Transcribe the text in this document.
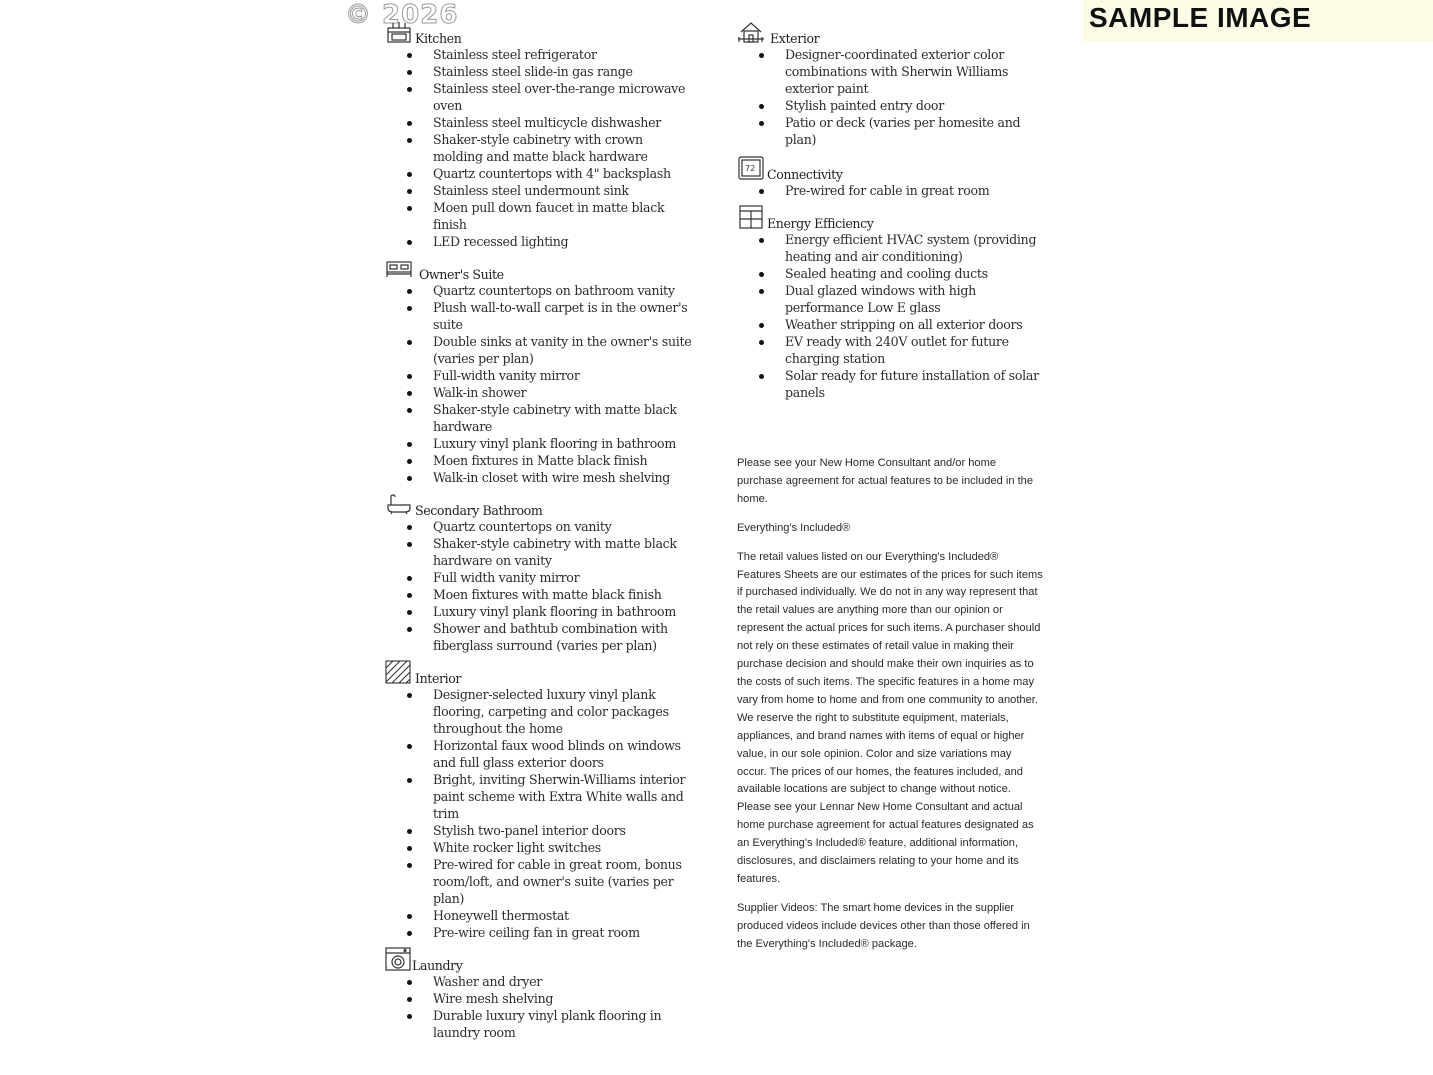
© 2026	SAMPLE IMAGE
Kitchen
Stainless steel refrigerator
Stainless steel slide-in gas range
Stainless steel over-the-range microwave oven
Stainless steel multicycle dishwasher
Shaker-style cabinetry with crown molding and matte black hardware
Quartz countertops with 4" backsplash
Stainless steel undermount sink
Moen pull down faucet in matte black finish
LED recessed lighting
Owner's Suite
Quartz countertops on bathroom vanity
Plush wall-to-wall carpet is in the owner's suite
Double sinks at vanity in the owner's suite (varies per plan)
Full-width vanity mirror
Walk-in shower
Shaker-style cabinetry with matte black hardware
Luxury vinyl plank flooring in bathroom
Moen fixtures in Matte black finish
Walk-in closet with wire mesh shelving
Secondary Bathroom
Quartz countertops on vanity
Shaker-style cabinetry with matte black hardware on vanity
Full width vanity mirror
Moen fixtures with matte black finish
Luxury vinyl plank flooring in bathroom
Shower and bathtub combination with fiberglass surround (varies per plan)
Interior
Designer-selected luxury vinyl plank flooring, carpeting and color packages throughout the home
Horizontal faux wood blinds on windows and full glass exterior doors
Bright, inviting Sherwin-Williams interior paint scheme with Extra White walls and trim
Stylish two-panel interior doors
White rocker light switches
Pre-wired for cable in great room, bonus room/loft, and owner's suite (varies per plan)
Honeywell thermostat
Pre-wire ceiling fan in great room
Laundry
Washer and dryer
Wire mesh shelving
Durable luxury vinyl plank flooring in laundry room
Exterior
Designer-coordinated exterior color combinations with Sherwin Williams exterior paint
Stylish painted entry door
Patio or deck (varies per homesite and plan)
72 Connectivity
Pre-wired for cable in great room
Energy Efficiency
Energy efficient HVAC system (providing heating and air conditioning)
Sealed heating and cooling ducts
Dual glazed windows with high performance Low E glass
Weather stripping on all exterior doors
EV ready with 240V outlet for future charging station
Solar ready for future installation of solar panels

Please see your New Home Consultant and/or home purchase agreement for actual features to be included in the home.

Everything's Included®

The retail values listed on our Everything's Included® Features Sheets are our estimates of the prices for such items if purchased individually. We do not in any way represent that the retail values are anything more than our opinion or represent the actual prices for such items. A purchaser should not rely on these estimates of retail value in making their purchase decision and should make their own inquiries as to the costs of such items. The specific features in a home may vary from home to home and from one community to another. We reserve the right to substitute equipment, materials, appliances, and brand names with items of equal or higher value, in our sole opinion. Color and size variations may occur. The prices of our homes, the features included, and available locations are subject to change without notice. Please see your Lennar New Home Consultant and actual home purchase agreement for actual features designated as an Everything's Included® feature, additional information, disclosures, and disclaimers relating to your home and its features.

Supplier Videos: The smart home devices in the supplier produced videos include devices other than those offered in the Everything's Included® package.
